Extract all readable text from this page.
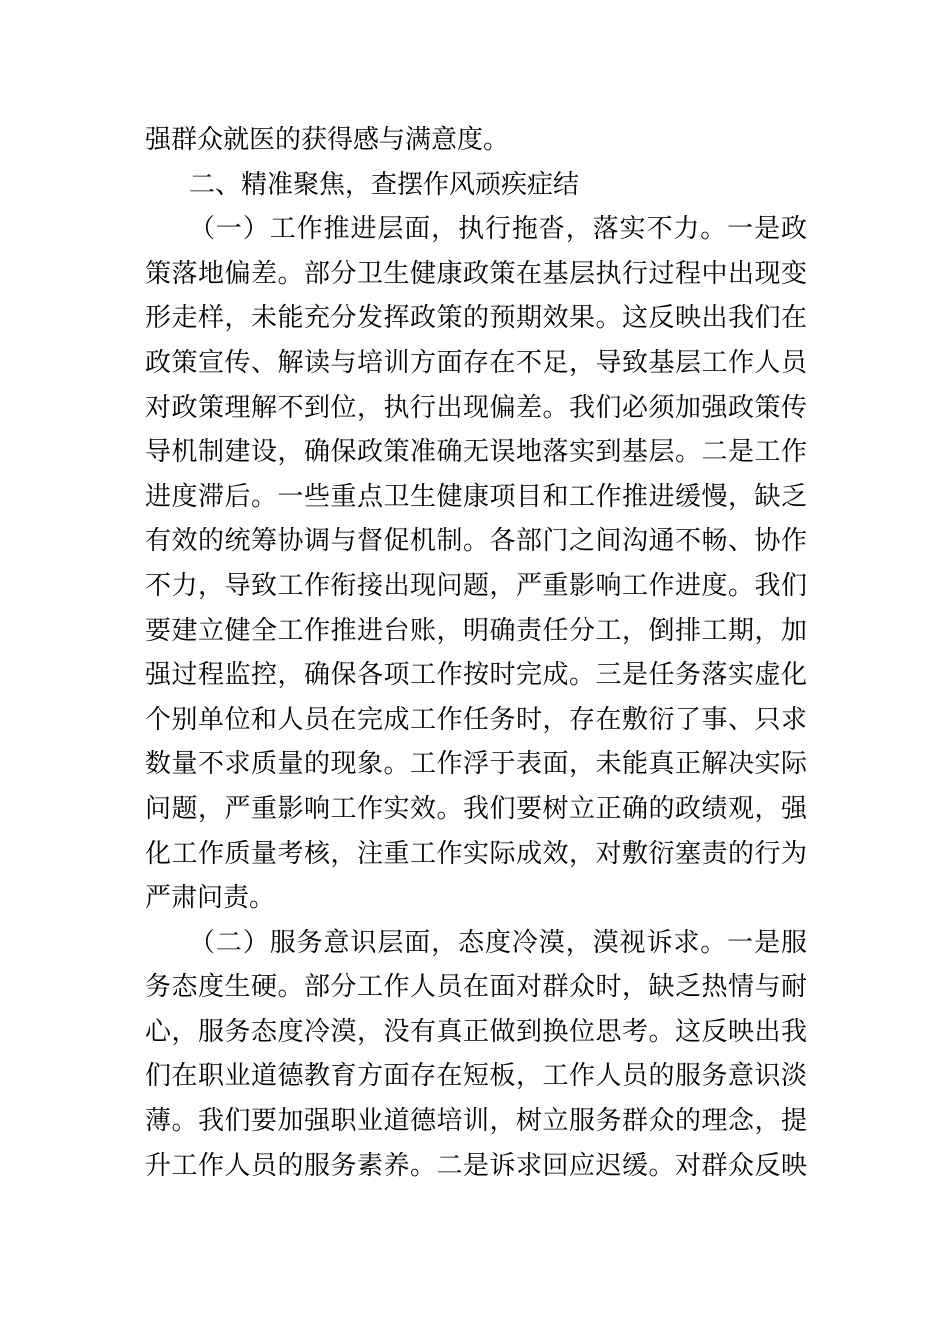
强群众就医的获得感与满意度。
二、精准聚焦，查摆作风顽疾症结
（一）工作推进层面，执行拖沓，落实不力。一是政
策落地偏差。部分卫生健康政策在基层执行过程中出现变
形走样，未能充分发挥政策的预期效果。这反映出我们在
政策宣传、解读与培训方面存在不足，导致基层工作人员
对政策理解不到位，执行出现偏差。我们必须加强政策传
导机制建设，确保政策准确无误地落实到基层。二是工作
进度滞后。一些重点卫生健康项目和工作推进缓慢，缺乏
有效的统筹协调与督促机制。各部门之间沟通不畅、协作
不力，导致工作衔接出现问题，严重影响工作进度。我们
要建立健全工作推进台账，明确责任分工，倒排工期，加
强过程监控，确保各项工作按时完成。三是任务落实虚化
个别单位和人员在完成工作任务时，存在敷衍了事、只求
数量不求质量的现象。工作浮于表面，未能真正解决实际
问题，严重影响工作实效。我们要树立正确的政绩观，强
化工作质量考核，注重工作实际成效，对敷衍塞责的行为
严肃问责。
（二）服务意识层面，态度冷漠，漠视诉求。一是服
务态度生硬。部分工作人员在面对群众时，缺乏热情与耐
心，服务态度冷漠，没有真正做到换位思考。这反映出我
们在职业道德教育方面存在短板，工作人员的服务意识淡
薄。我们要加强职业道德培训，树立服务群众的理念，提
升工作人员的服务素养。二是诉求回应迟缓。对群众反映
